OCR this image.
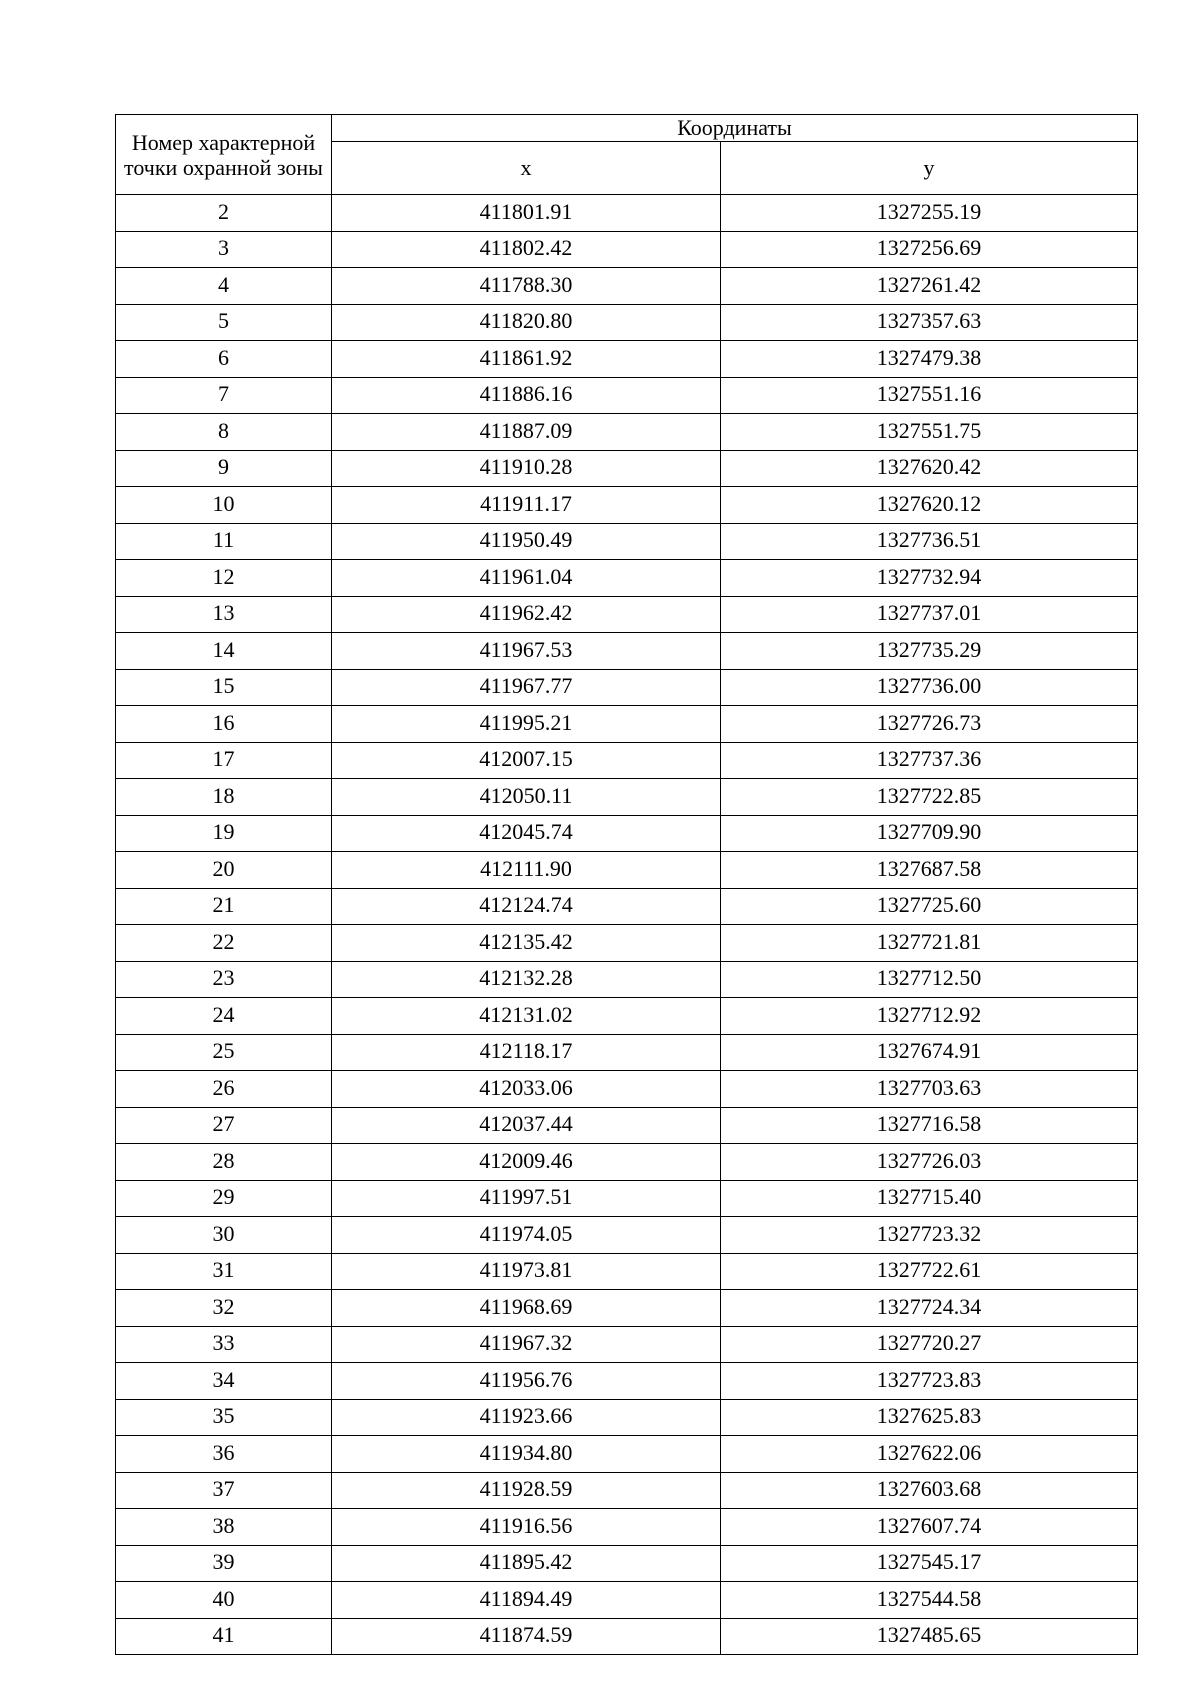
Номер характерной точки охранной зоны	Координаты	
	x	y
2	411801.91	1327255.19
3	411802.42	1327256.69
4	411788.30	1327261.42
5	411820.80	1327357.63
6	411861.92	1327479.38
7	411886.16	1327551.16
8	411887.09	1327551.75
9	411910.28	1327620.42
10	411911.17	1327620.12
11	411950.49	1327736.51
12	411961.04	1327732.94
13	411962.42	1327737.01
14	411967.53	1327735.29
15	411967.77	1327736.00
16	411995.21	1327726.73
17	412007.15	1327737.36
18	412050.11	1327722.85
19	412045.74	1327709.90
20	412111.90	1327687.58
21	412124.74	1327725.60
22	412135.42	1327721.81
23	412132.28	1327712.50
24	412131.02	1327712.92
25	412118.17	1327674.91
26	412033.06	1327703.63
27	412037.44	1327716.58
28	412009.46	1327726.03
29	411997.51	1327715.40
30	411974.05	1327723.32
31	411973.81	1327722.61
32	411968.69	1327724.34
33	411967.32	1327720.27
34	411956.76	1327723.83
35	411923.66	1327625.83
36	411934.80	1327622.06
37	411928.59	1327603.68
38	411916.56	1327607.74
39	411895.42	1327545.17
40	411894.49	1327544.58
41	411874.59	1327485.65
